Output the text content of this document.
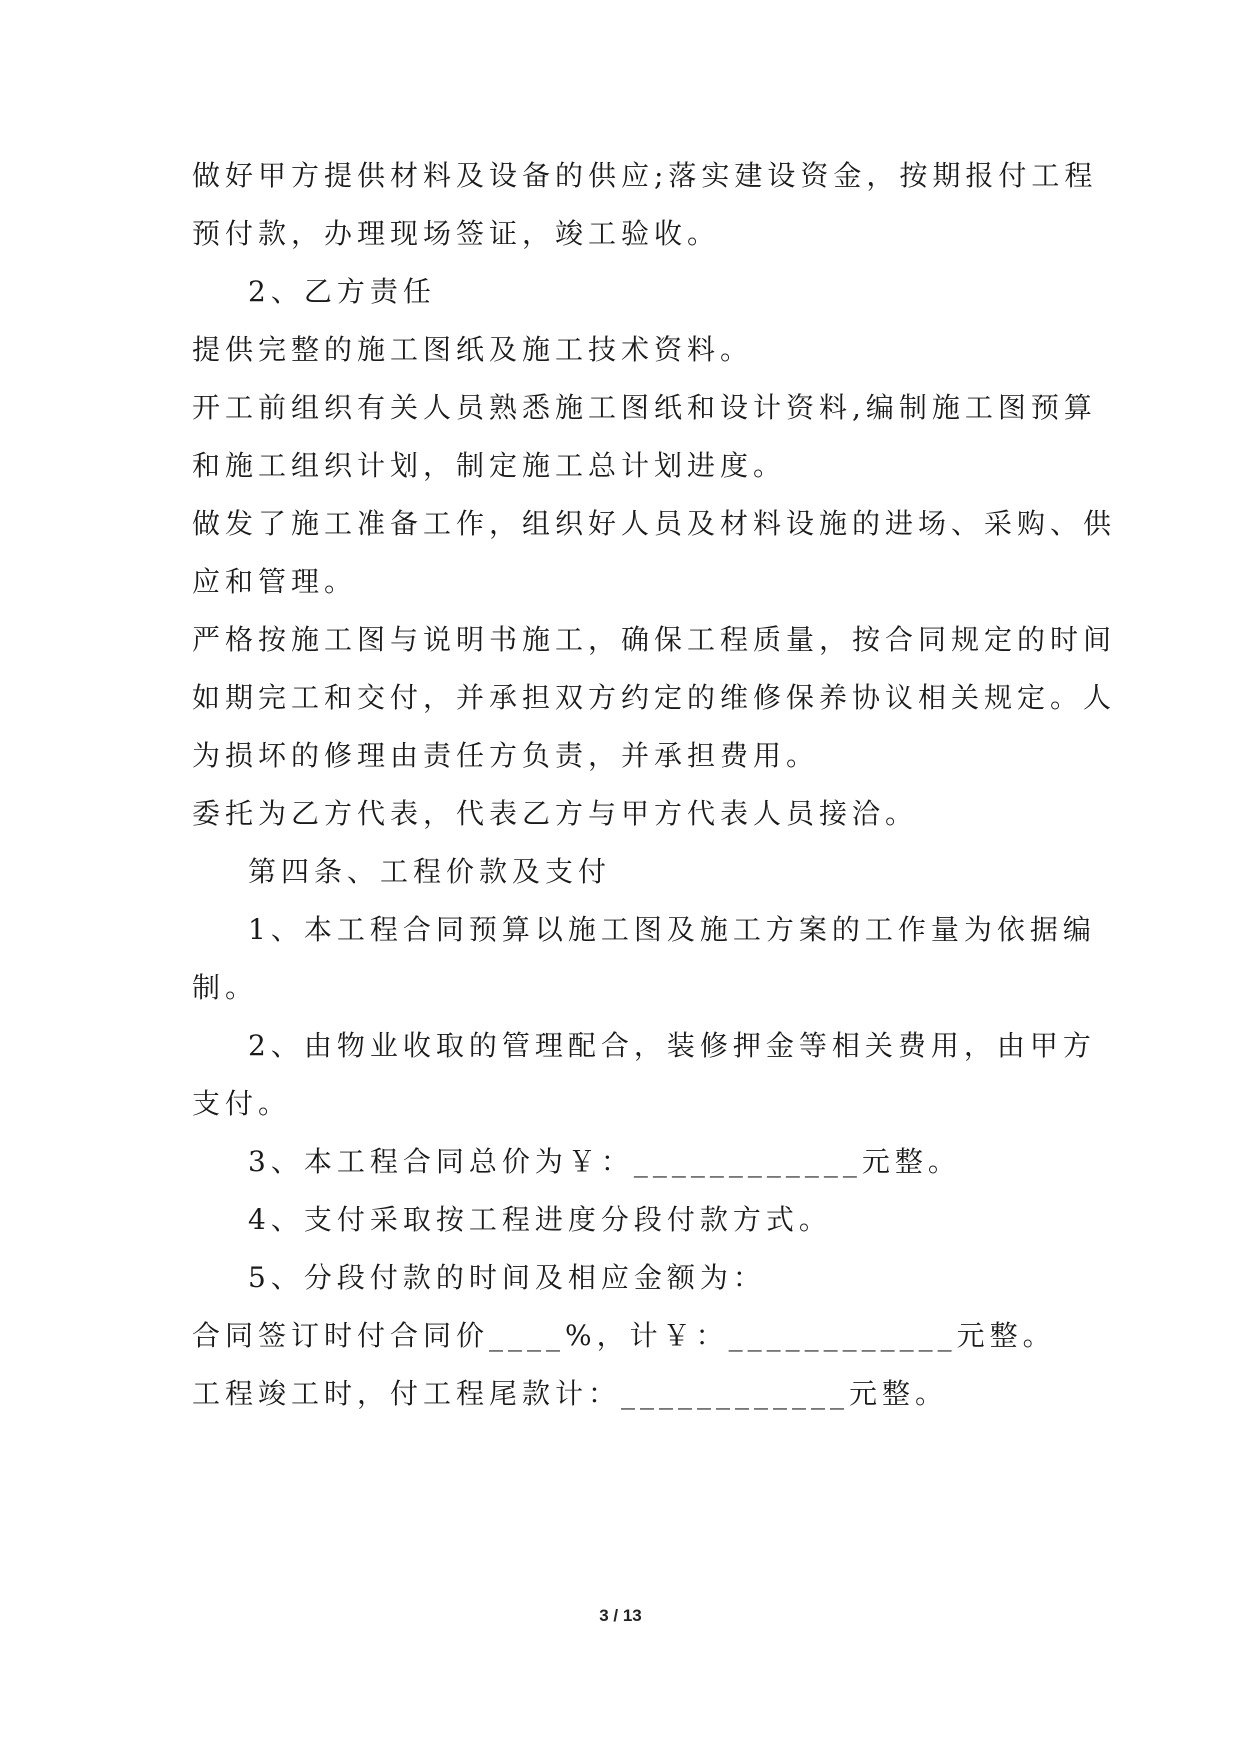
做好甲方提供材料及设备的供应;落实建设资金，按期报付工程
预付款，办理现场签证，竣工验收。
2、乙方责任
提供完整的施工图纸及施工技术资料。
开工前组织有关人员熟悉施工图纸和设计资料,编制施工图预算
和施工组织计划，制定施工总计划进度。
做发了施工准备工作，组织好人员及材料设施的进场、采购、供
应和管理。
严格按施工图与说明书施工，确保工程质量，按合同规定的时间
如期完工和交付，并承担双方约定的维修保养协议相关规定。人
为损坏的修理由责任方负责，并承担费用。
委托为乙方代表，代表乙方与甲方代表人员接洽。
第四条、工程价款及支付
1、本工程合同预算以施工图及施工方案的工作量为依据编
制。
2、由物业收取的管理配合，装修押金等相关费用，由甲方
支付。
3、本工程合同总价为￥：____________元整。
4、支付采取按工程进度分段付款方式。
5、分段付款的时间及相应金额为：
合同签订时付合同价____%，计￥：____________元整。
工程竣工时，付工程尾款计：____________元整。
3 / 13
